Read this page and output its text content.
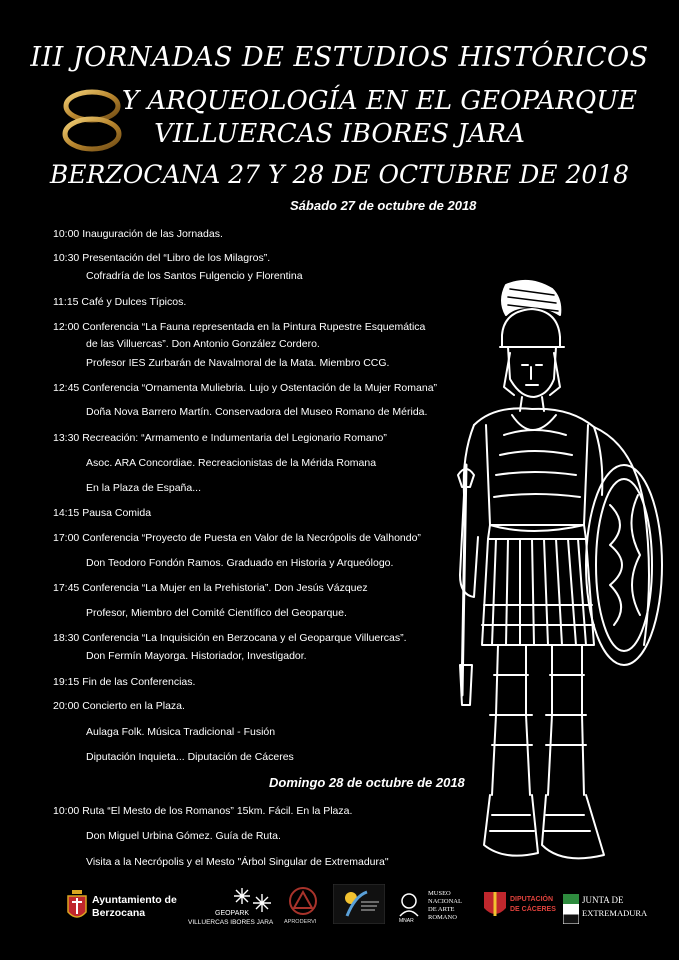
III JORNADAS DE ESTUDIOS HISTÓRICOS
Y ARQUEOLOGÍA EN EL GEOPARQUE
VILLUERCAS IBORES JARA
BERZOCANA 27 Y 28 DE OCTUBRE DE 2018
Sábado 27 de octubre de 2018
Domingo 28 de octubre de 2018
10:00 Inauguración de las Jornadas.
10:30 Presentación del “Libro de los Milagros”.
Cofradría de los Santos Fulgencio y Florentina
11:15 Café y Dulces Típicos.
12:00 Conferencia “La Fauna representada en la Pintura Rupestre Esquemática
de las Villuercas”. Don Antonio González Cordero.
Profesor IES Zurbarán de Navalmoral de la Mata. Miembro CCG.
12:45 Conferencia “Ornamenta Muliebria. Lujo y Ostentación de la Mujer Romana”
Doña Nova Barrero Martín. Conservadora del Museo Romano de Mérida.
13:30 Recreación: “Armamento e Indumentaria del Legionario Romano”
Asoc. ARA Concordiae. Recreacionistas de la Mérida Romana
En la Plaza de España...
14:15 Pausa Comida
17:00 Conferencia “Proyecto de Puesta en Valor de la Necrópolis de Valhondo”
Don Teodoro Fondón Ramos. Graduado en Historia y Arqueólogo.
17:45 Conferencia “La Mujer en la Prehistoria”. Don Jesús Vázquez
Profesor, Miembro del Comité Científico del Geoparque.
18:30 Conferencia “La Inquisición en Berzocana y el Geoparque Villuercas”.
Don Fermín Mayorga. Historiador, Investigador.
19:15 Fin de las Conferencias.
20:00 Concierto en la Plaza.
Aulaga Folk. Música Tradicional - Fusión
Diputación Inquieta... Diputación de Cáceres
10:00 Ruta “El Mesto de los Romanos” 15km. Fácil. En la Plaza.
Don Miguel Urbina Gómez. Guía de Ruta.
Visita a la Necrópolis y el Mesto "Árbol Singular de Extremadura"
Ayuntamiento de
Berzocana	GEOPARK
VILLUERCAS IBORES JARA APRODERVI	MNAR
MUSEO
NACIONAL
DE ARTE
ROMANO
DIPUTACIÓN
DE CÁCERES
JUNTA DE
EXTREMADURA
